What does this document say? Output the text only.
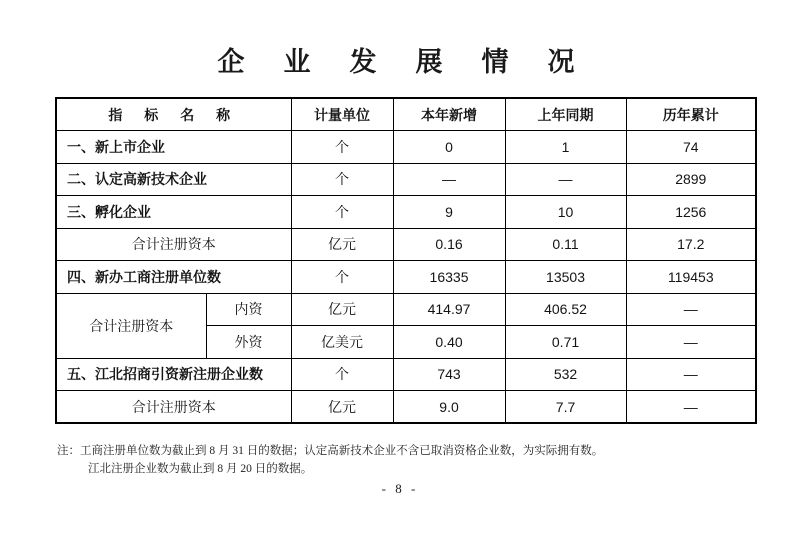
企  业  发  展  情  况
指 标 名 称		计量单位	本年新增	上年同期	历年累计
一、新上市企业		个	0	1	74
二、认定高新技术企业		个	—	—	2899
三、孵化企业		个	9	10	1256
合计注册资本		亿元	0.16	0.11	17.2
四、新办工商注册单位数		个	16335	13503	119453
合计注册资本	内资	亿元	414.97	406.52	—
	外资	亿美元	0.40	0.71	—
五、江北招商引资新注册企业数		个	743	532	—
合计注册资本		亿元	9.0	7.7	—
注：工商注册单位数为截止到 8 月 31 日的数据；认定高新技术企业不含已取消资格企业数，为实际拥有数。
江北注册企业数为截止到 8 月 20 日的数据。
- 8 -
